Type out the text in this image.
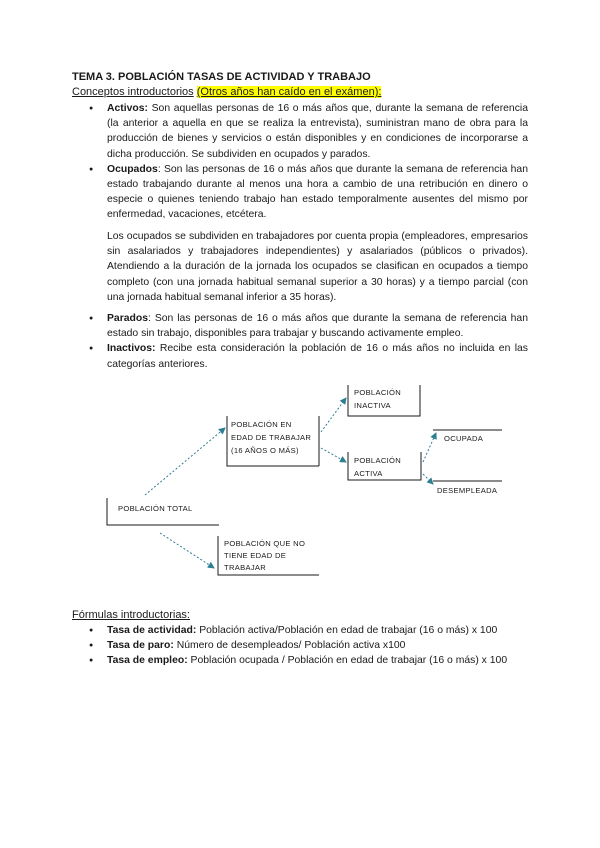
TEMA 3. POBLACIÓN TASAS DE ACTIVIDAD Y TRABAJO
Conceptos introductorios (Otros años han caído en el exámen):
● Activos: Son aquellas personas de 16 o más años que, durante la semana de referencia (la anterior a aquella en que se realiza la entrevista), suministran mano de obra para la producción de bienes y servicios o están disponibles y en condiciones de incorporarse a dicha producción. Se subdividen en ocupados y parados.
● Ocupados: Son las personas de 16 o más años que durante la semana de referencia han estado trabajando durante al menos una hora a cambio de una retribución en dinero o especie o quienes teniendo trabajo han estado temporalmente ausentes del mismo por enfermedad, vacaciones, etcétera.
Los ocupados se subdividen en trabajadores por cuenta propia (empleadores, empresarios sin asalariados y trabajadores independientes) y asalariados (públicos o privados). Atendiendo a la duración de la jornada los ocupados se clasifican en ocupados a tiempo completo (con una jornada habitual semanal superior a 30 horas) y a tiempo parcial (con una jornada habitual semanal inferior a 35 horas).
● Parados: Son las personas de 16 o más años que durante la semana de referencia han estado sin trabajo, disponibles para trabajar y buscando activamente empleo.
● Inactivos: Recibe esta consideración la población de 16 o más años no incluida en las categorías anteriores.
POBLACIÓN TOTAL
POBLACIÓN EN
EDAD DE TRABAJAR
(16 AÑOS O MÁS)
POBLACIÓN QUE NO
TIENE EDAD DE
TRABAJAR
POBLACIÓN
INACTIVA
POBLACIÓN
ACTIVA
OCUPADA
DESEMPLEADA
Fórmulas introductorias:
● Tasa de actividad: Población activa/Población en edad de trabajar (16 o más) x 100
● Tasa de paro: Número de desempleados/ Población activa x100
● Tasa de empleo: Población ocupada / Población en edad de trabajar (16 o más) x 100
